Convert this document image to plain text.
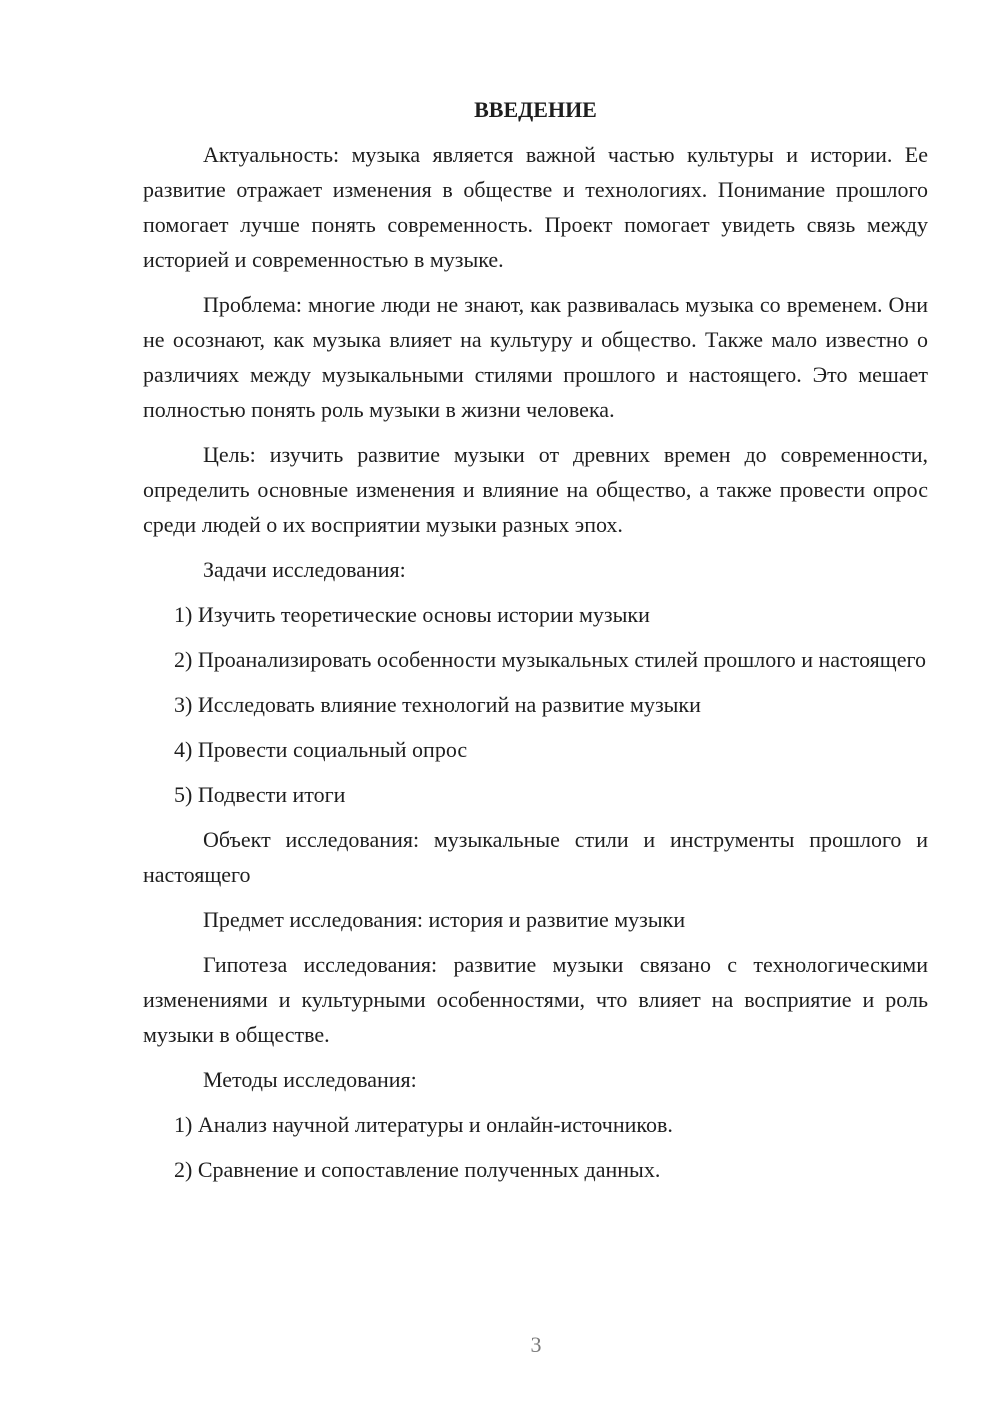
ВВЕДЕНИЕ

Актуальность: музыка является важной частью культуры и истории. Ее развитие отражает изменения в обществе и технологиях. Понимание прошлого помогает лучше понять современность. Проект помогает увидеть связь между историей и современностью в музыке.

Проблема: многие люди не знают, как развивалась музыка со временем. Они не осознают, как музыка влияет на культуру и общество. Также мало известно о различиях между музыкальными стилями прошлого и настоящего. Это мешает полностью понять роль музыки в жизни человека.

Цель: изучить развитие музыки от древних времен до современности, определить основные изменения и влияние на общество, а также провести опрос среди людей о их восприятии музыки разных эпох.

Задачи исследования:

1) Изучить теоретические основы истории музыки
2) Проанализировать особенности музыкальных стилей прошлого и настоящего
3) Исследовать влияние технологий на развитие музыки
4) Провести социальный опрос
5) Подвести итоги

Объект исследования: музыкальные стили и инструменты прошлого и настоящего

Предмет исследования: история и развитие музыки

Гипотеза исследования: развитие музыки связано с технологическими изменениями и культурными особенностями, что влияет на восприятие и роль музыки в обществе.

Методы исследования:

1) Анализ научной литературы и онлайн-источников.
2) Сравнение и сопоставление полученных данных.
3
